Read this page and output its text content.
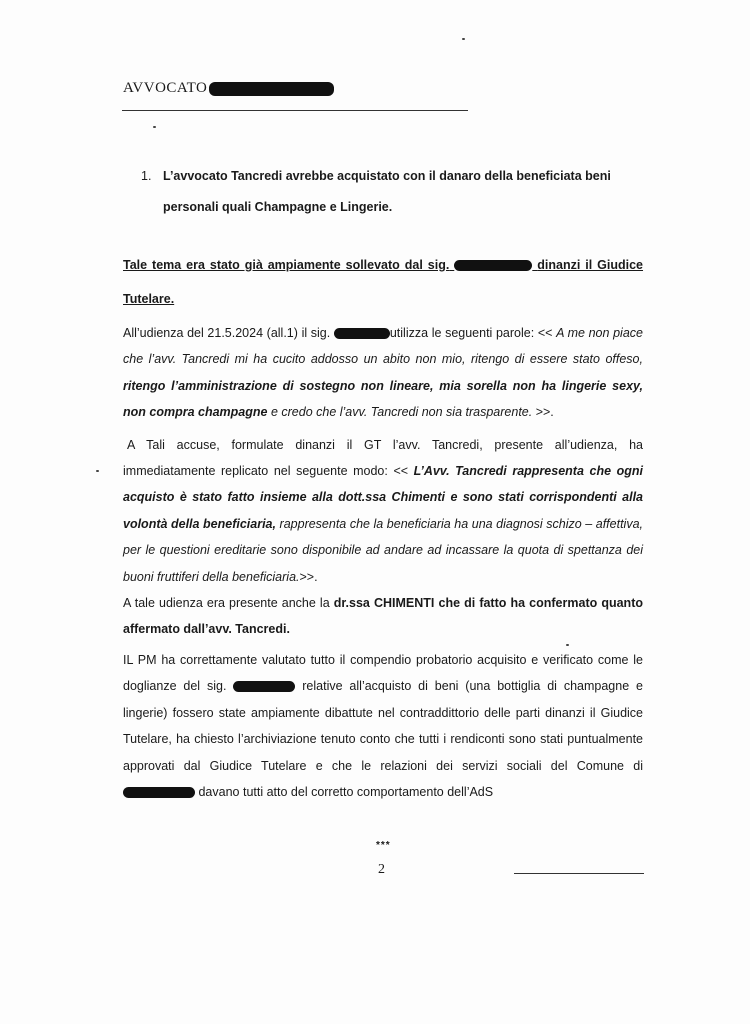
AVVOCATO
1. L’avvocato Tancredi avrebbe acquistato con il danaro della beneficiata beni personali quali Champagne e Lingerie.

Tale tema era stato già ampiamente sollevato dal sig.	dinanzi il Giudice Tutelare.

All’udienza del 21.5.2024 (all.1) il sig.	utilizza le seguenti parole: << A me non piace che l’avv. Tancredi mi ha cucito addosso un abito non mio, ritengo di essere stato offeso, ritengo l’amministrazione di sostegno non lineare, mia sorella non ha lingerie sexy, non compra champagne e credo che l’avv. Tancredi non sia trasparente. >>.

A Tali accuse, formulate dinanzi il GT l’avv. Tancredi, presente all’udienza, ha immediatamente replicato nel seguente modo: << L’Avv. Tancredi rappresenta che ogni acquisto è stato fatto insieme alla dott.ssa Chimenti e sono stati corrispondenti alla volontà della beneficiaria, rappresenta che la beneficiaria ha una diagnosi schizo – affettiva, per le questioni ereditarie sono disponibile ad andare ad incassare la quota di spettanza dei buoni fruttiferi della beneficiaria.>>.

A tale udienza era presente anche la dr.ssa CHIMENTI che di fatto ha confermato quanto affermato dall’avv. Tancredi.

IL PM ha correttamente valutato tutto il compendio probatorio acquisito e verificato come le doglianze del sig.	relative all’acquisto di beni (una bottiglia di champagne e lingerie) fossero state ampiamente dibattute nel contraddittorio delle parti dinanzi il Giudice Tutelare, ha chiesto l’archiviazione tenuto conto che tutti i rendiconti sono stati puntualmente approvati dal Giudice Tutelare e che le relazioni dei servizi sociali del Comune di  davano tutti atto del corretto comportamento dell’AdS

***
2
